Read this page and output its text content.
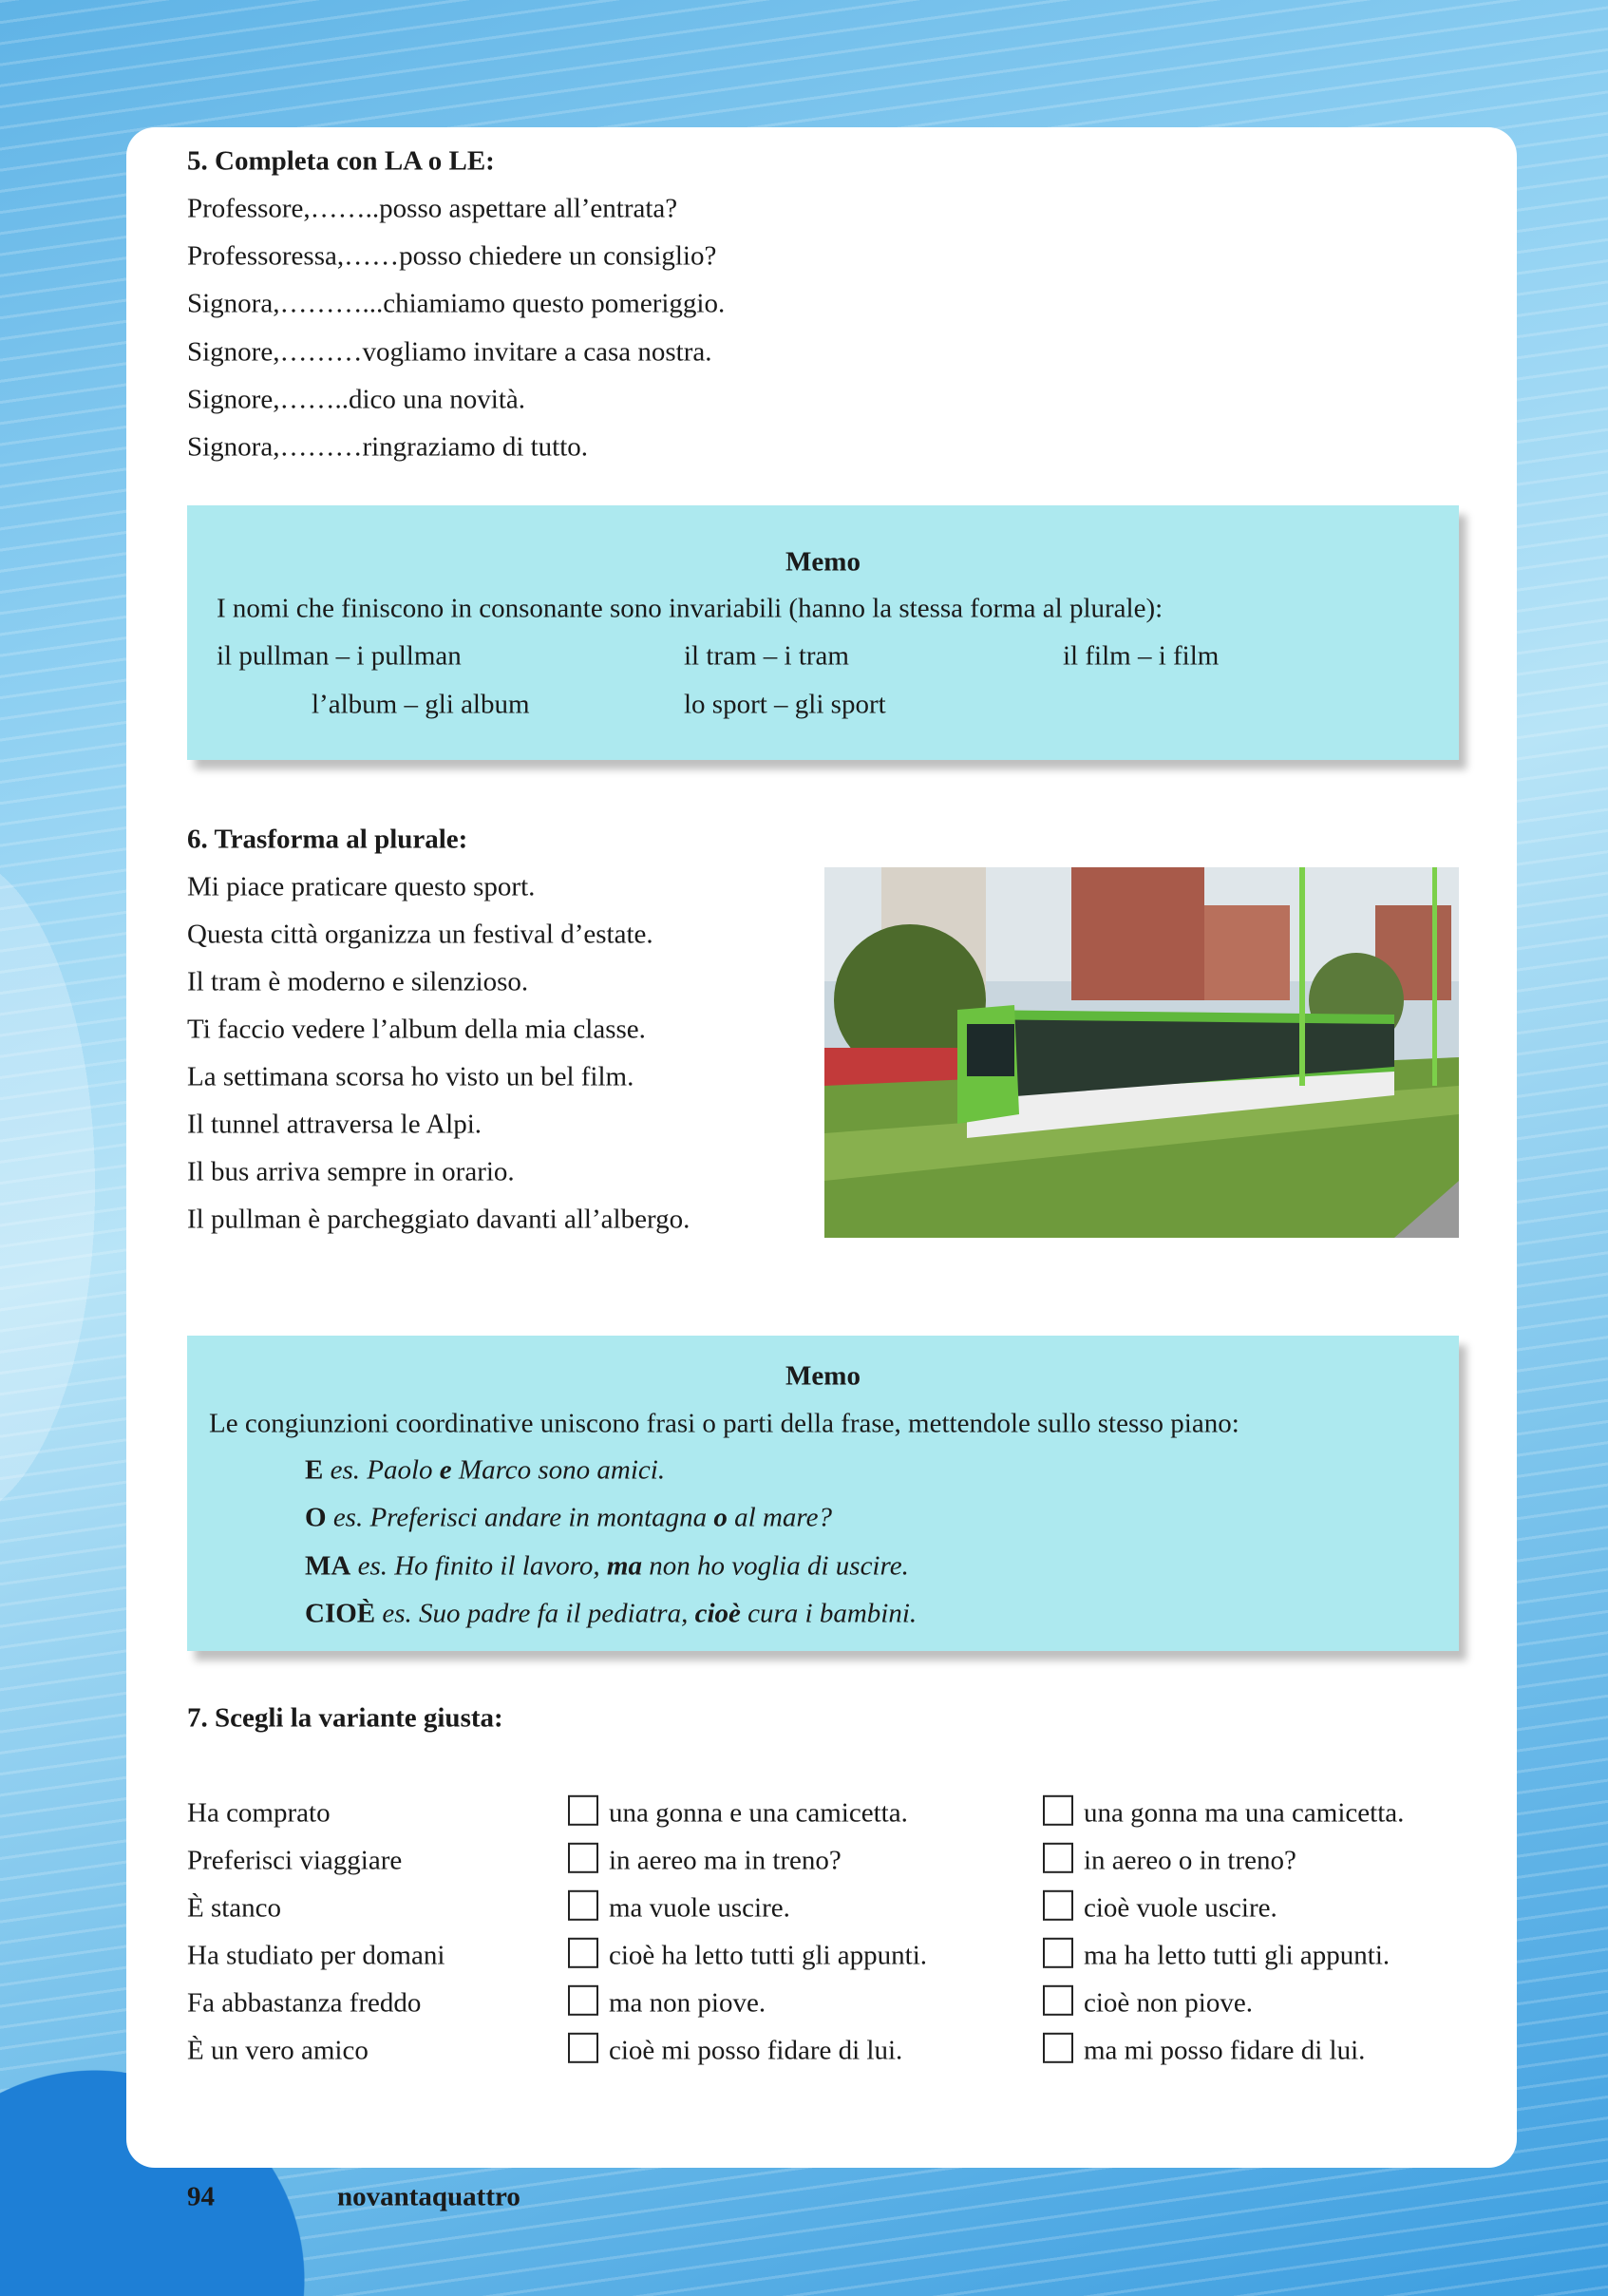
5. Completa con LA o LE:
Professore,……..posso aspettare all’entrata?
Professoressa,……posso chiedere un consiglio?
Signora,………...chiamiamo questo pomeriggio.
Signore,………vogliamo invitare a casa nostra.
Signore,……..dico una novità.
Signora,………ringraziamo di tutto.
Memo
I nomi che finiscono in consonante sono invariabili (hanno la stessa forma al plurale):
il pullman – i pullman	il tram – i tram	il film – i film
l’album – gli album	lo sport – gli sport
6. Trasforma al plurale:
Mi piace praticare questo sport.
Questa città organizza un festival d’estate.
Il tram è moderno e silenzioso.
Ti faccio vedere l’album della mia classe.
La settimana scorsa ho visto un bel film.
Il tunnel attraversa le Alpi.
Il bus arriva sempre in orario.
Il pullman è parcheggiato davanti all’albergo.
Memo
Le congiunzioni coordinative uniscono frasi o parti della frase, mettendole sullo stesso piano:
E es. Paolo e Marco sono amici.
O es. Preferisci andare in montagna o al mare?
MA es. Ho finito il lavoro, ma non ho voglia di uscire.
CIOÈ es. Suo padre fa il pediatra, cioè cura i bambini.
7. Scegli la variante giusta:
Ha comprato	una gonna e una camicetta.	una gonna ma una camicetta.
Preferisci viaggiare	in aereo ma in treno?	in aereo o in treno?
È stanco	ma vuole uscire.	cioè vuole uscire.
Ha studiato per domani	cioè ha letto tutti gli appunti.	ma ha letto tutti gli appunti.
Fa abbastanza freddo	ma non piove.	cioè non piove.
È un vero amico	cioè mi posso fidare di lui.	ma mi posso fidare di lui.
94	novantaquattro
